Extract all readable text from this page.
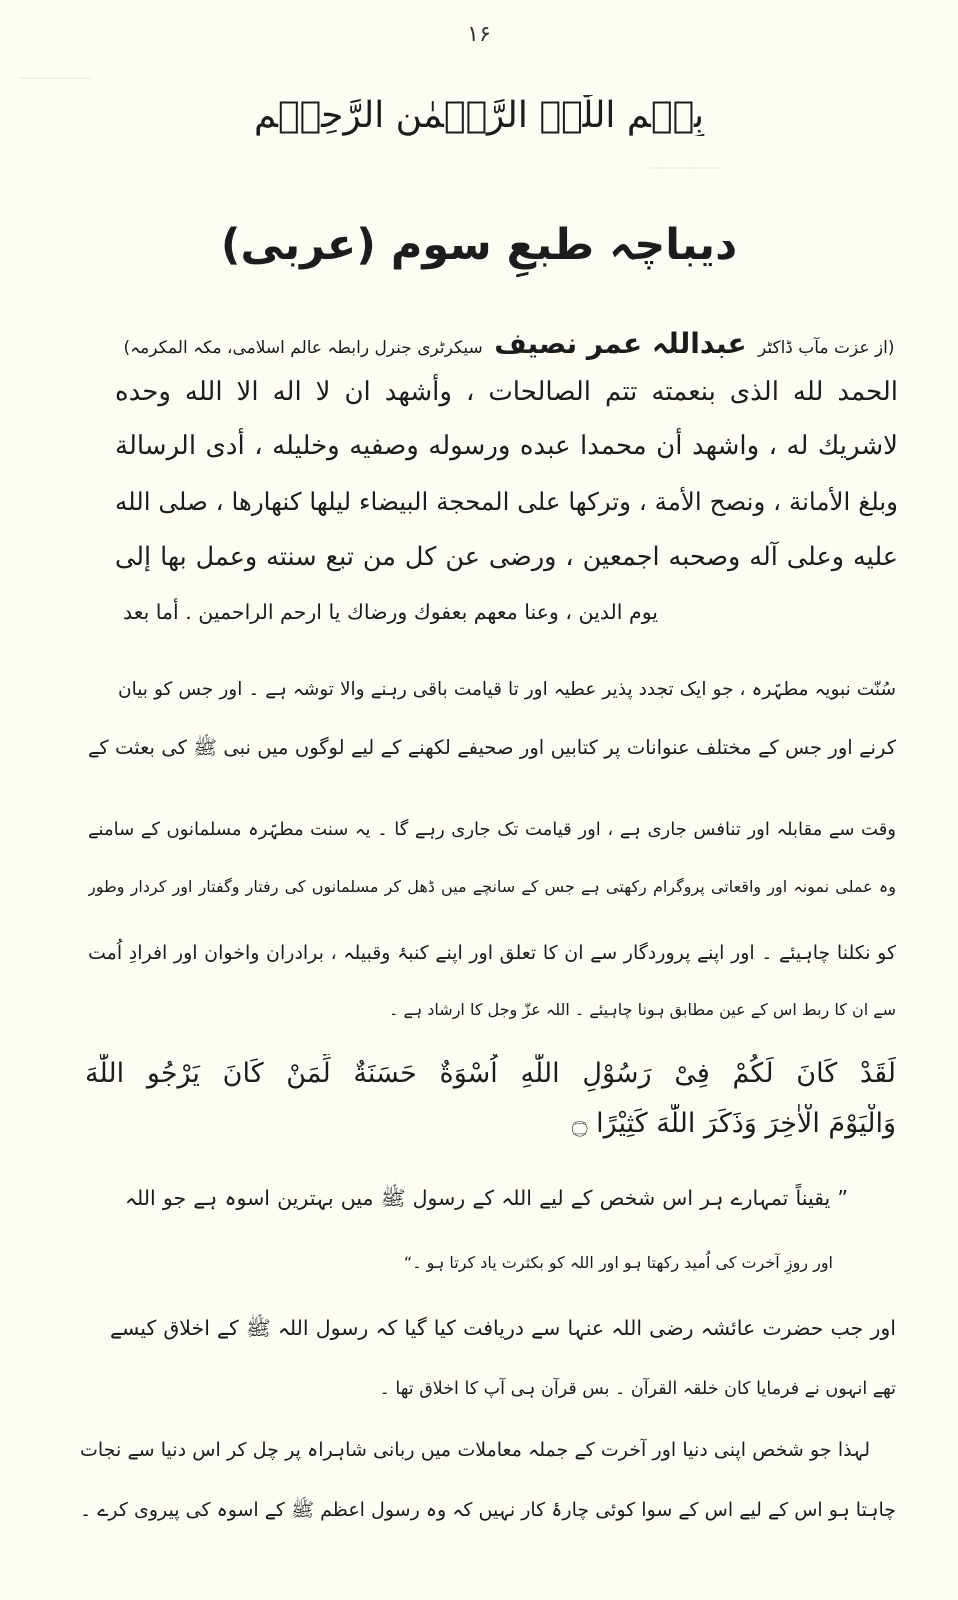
ـــــــــــ
ـــــــــــ
۱۶
بِسۡمِ اللّٰہِ الرَّحۡمٰنِ الرَّحِیۡمِ
دیباچہ طبعِ سوم (عربی)
(از عزت مآب ڈاکٹر عبداللہ عمر نصیف سیکرٹری جنرل رابطہ عالم اسلامی، مکہ المکرمہ)
الحمد لله الذى بنعمته تتم الصالحات ، وأشهد ان لا اله الا الله وحده
لاشريك له ، واشهد أن محمدا عبده ورسوله وصفيه وخليله ، أدى الرسالة
وبلغ الأمانة ، ونصح الأمة ، وتركها على المحجة البيضاء ليلها كنهارها ، صلى الله
عليه وعلى آله وصحبه اجمعين ، ورضى عن كل من تبع سنته وعمل بها إلى
يوم الدين ، وعنا معهم بعفوك ورضاك يا ارحم الراحمين . أما بعد
سُنّت نبویہ مطہّرہ ، جو ایک تجدد پذیر عطیہ اور تا قیامت باقی رہنے والا توشہ ہے ۔ اور جس کو بیان
کرنے اور جس کے مختلف عنوانات پر کتابیں اور صحیفے لکھنے کے لیے لوگوں میں نبی ﷺ کی بعثت کے
وقت سے مقابلہ اور تنافس جاری ہے ، اور قیامت تک جاری رہے گا ۔ یہ سنت مطہّرہ مسلمانوں کے سامنے
وہ عملی نمونہ اور واقعاتی پروگرام رکھتی ہے جس کے سانچے میں ڈھل کر مسلمانوں کی رفتار وگفتار اور کردار وطور
کو نکلنا چاہیئے ۔ اور اپنے پروردگار سے ان کا تعلق اور اپنے کنبۂ وقبیلہ ، برادران واخوان اور افرادِ اُمت
سے ان کا ربط اس کے عین مطابق ہونا چاہیئے ۔ اللہ عزّ وجل کا ارشاد ہے ۔
لَقَدْ كَانَ لَكُمْ فِىْ رَسُوْلِ اللّٰهِ اُسْوَةٌ حَسَنَةٌ لِّمَنْ كَانَ يَرْجُو اللّٰهَ
وَالْيَوْمَ الْاٰخِرَ وَذَكَرَ اللّٰهَ كَثِيْرًا ۝
” یقیناً تمہارے ہر اس شخص کے لیے اللہ کے رسول ﷺ میں بہترین اسوہ ہے جو اللہ
اور روزِ آخرت کی اُمید رکھتا ہو اور اللہ کو بکثرت یاد کرتا ہو ۔“
اور جب حضرت عائشہ رضی اللہ عنہا سے دریافت کیا گیا کہ رسول اللہ ﷺ کے اخلاق کیسے
تھے انہوں نے فرمایا کان خلقہ القرآن ۔ بس قرآن ہی آپ کا اخلاق تھا ۔
لہذا جو شخص اپنی دنیا اور آخرت کے جملہ معاملات میں ربانی شاہراہ پر چل کر اس دنیا سے نجات
چاہتا ہو اس کے لیے اس کے سوا کوئی چارۂ کار نہیں کہ وہ رسول اعظم ﷺ کے اسوہ کی پیروی کرے ۔
